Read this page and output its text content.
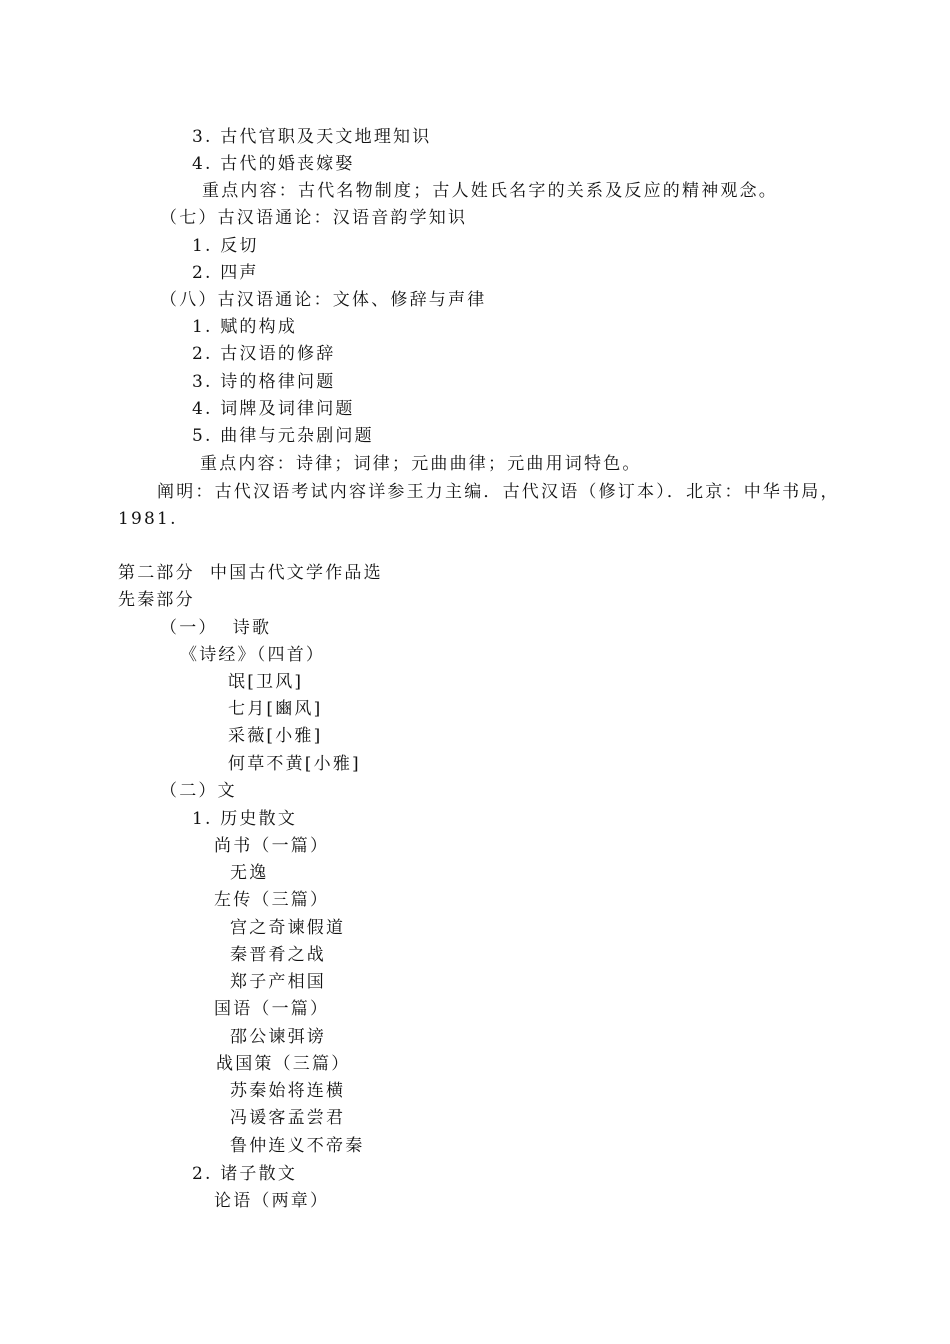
3. 古代官职及天文地理知识
4. 古代的婚丧嫁娶
重点内容：古代名物制度；古人姓氏名字的关系及反应的精神观念。
（七）古汉语通论：汉语音韵学知识
1. 反切
2. 四声
（八）古汉语通论：文体、修辞与声律
1. 赋的构成
2. 古汉语的修辞
3. 诗的格律问题
4. 词牌及词律问题
5. 曲律与元杂剧问题
重点内容：诗律；词律；元曲曲律；元曲用词特色。
阐明：古代汉语考试内容详参王力主编．古代汉语（修订本）．北京：中华书局，
1981.
第二部分  中国古代文学作品选
先秦部分
（一）  诗歌
《诗经》（四首）
氓[卫风]
七月[豳风]
采薇[小雅]
何草不黄[小雅]
（二）文
1. 历史散文
尚书（一篇）
无逸
左传（三篇）
宫之奇谏假道
秦晋肴之战
郑子产相国
国语（一篇）
邵公谏弭谤
战国策（三篇）
苏秦始将连横
冯谖客孟尝君
鲁仲连义不帝秦
2. 诸子散文
论语（两章）
